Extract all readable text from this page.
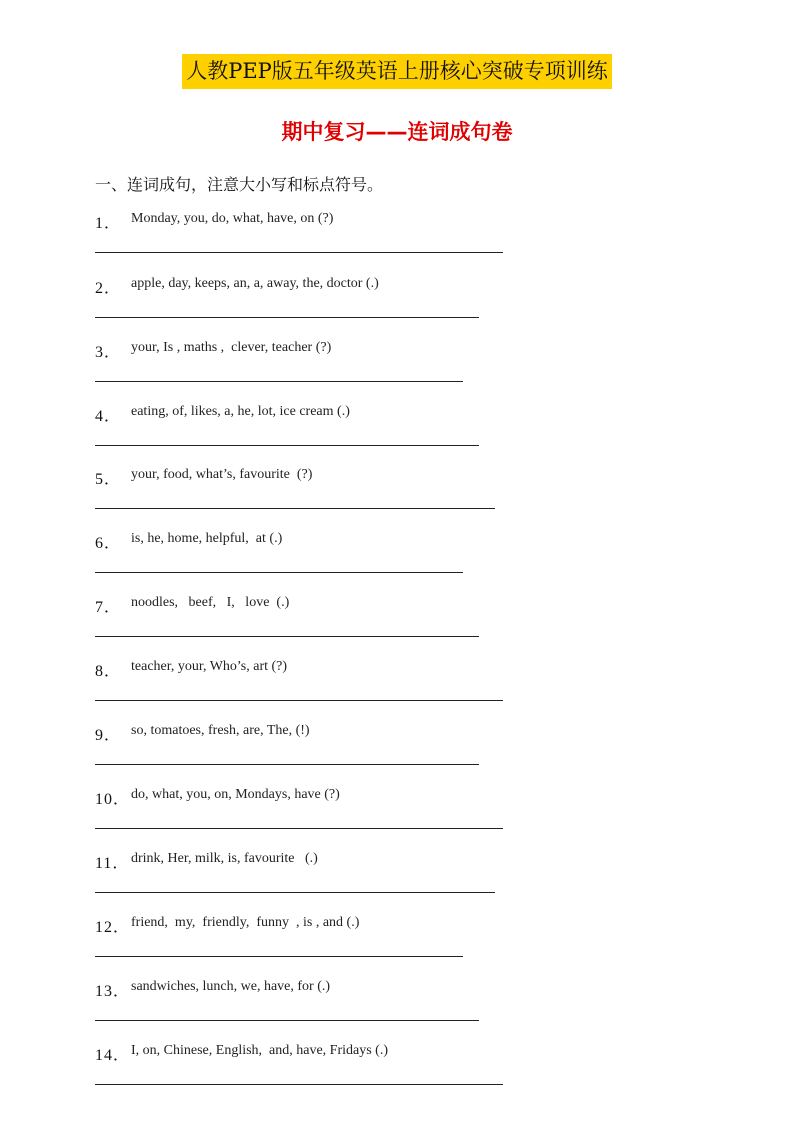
人教PEP版五年级英语上册核心突破专项训练
期中复习——连词成句卷
一、连词成句，注意大小写和标点符号。
1． Monday, you, do, what, have, on (?)
2． apple, day, keeps, an, a, away, the, doctor (.)
3． your, Is , maths ,  clever, teacher (?)
4． eating, of, likes, a, he, lot, ice cream (.)
5． your, food, what’s, favourite  (?)
6． is, he, home, helpful,  at (.)
7． noodles,   beef,   I,   love  (.)
8． teacher, your, Who’s, art (?)
9． so, tomatoes, fresh, are, The, (!)
10． do, what, you, on, Mondays, have (?)
11． drink, Her, milk, is, favourite   (.)
12． friend,  my,  friendly,  funny  , is , and (.)
13． sandwiches, lunch, we, have, for (.)
14． I, on, Chinese, English,  and, have, Fridays (.)
